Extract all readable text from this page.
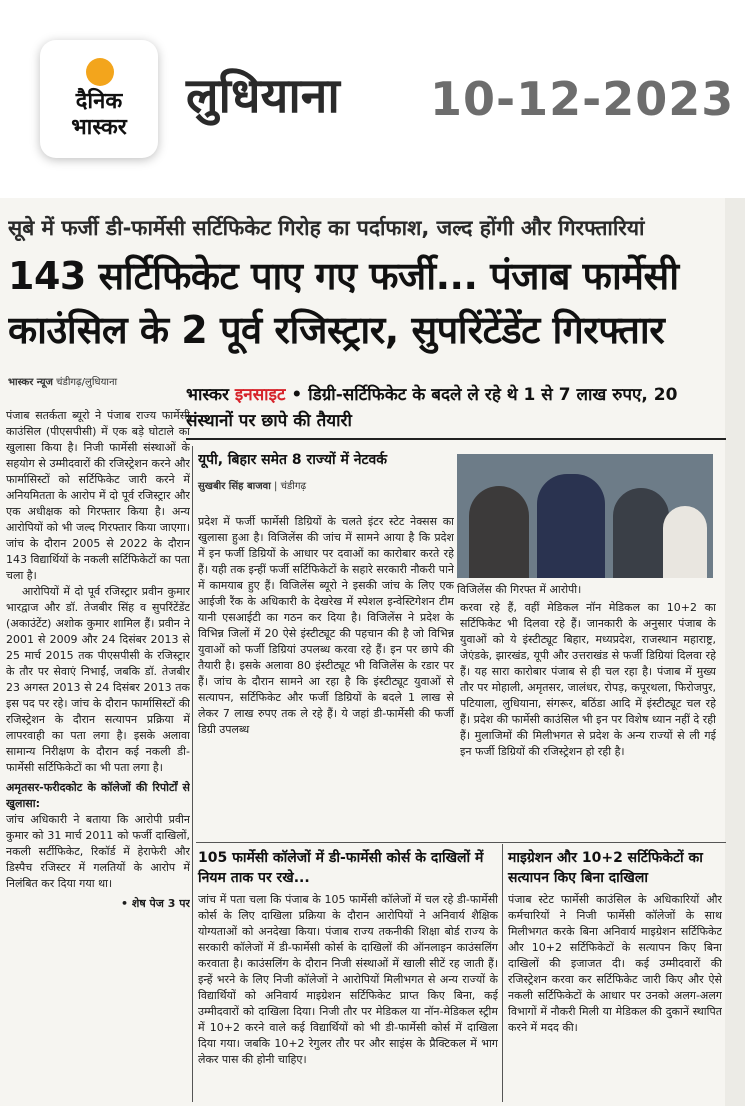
दैनिक
भास्कर
लुधियाना 10-12-2023
सूबे में फर्जी डी-फार्मेसी सर्टिफिकेट गिरोह का पर्दाफाश, जल्द होंगी और गिरफ्तारियां
143 सर्टिफिकेट पाए गए फर्जी... पंजाब फार्मेसी
काउंसिल के 2 पूर्व रजिस्ट्रार, सुपरिंटेंडेंट गिरफ्तार
भास्कर न्यूज चंडीगढ़/लुधियाना
भास्कर इनसाइट • डिग्री-सर्टिफिकेट के बदले ले रहे थे 1 से 7 लाख रुपए, 20 संस्थानों पर छापे की तैयारी

पंजाब सतर्कता ब्यूरो ने पंजाब राज्य फार्मेसी काउंसिल (पीएसपीसी) में एक बड़े घोटाले का खुलासा किया है। निजी फार्मेसी संस्थाओं के सहयोग से उम्मीदवारों की रजिस्ट्रेशन करने और फार्मासिस्टों को सर्टिफिकेट जारी करने में अनियमितता के आरोप में दो पूर्व रजिस्ट्रार और एक अधीक्षक को गिरफ्तार किया है। अन्य आरोपियों को भी जल्द गिरफ्तार किया जाएगा। जांच के दौरान 2005 से 2022 के दौरान 143 विद्यार्थियों के नकली सर्टिफिकेटों का पता चला है।

आरोपियों में दो पूर्व रजिस्ट्रार प्रवीन कुमार भारद्वाज और डॉ. तेजबीर सिंह व सुपरिंटेंडेंट (अकाउंटेंट) अशोक कुमार शामिल हैं। प्रवीन ने 2001 से 2009 और 24 दिसंबर 2013 से 25 मार्च 2015 तक पीएसपीसी के रजिस्ट्रार के तौर पर सेवाएं निभाईं, जबकि डॉ. तेजबीर 23 अगस्त 2013 से 24 दिसंबर 2013 तक इस पद पर रहे। जांच के दौरान फार्मासिस्टों की रजिस्ट्रेशन के दौरान सत्यापन प्रक्रिया में लापरवाही का पता लगा है। इसके अलावा सामान्य निरीक्षण के दौरान कई नकली डी-फार्मेसी सर्टिफिकेटों का भी पता लगा है।

अमृतसर-फरीदकोट के कॉलेजों की रिपोर्टों से खुलासा:

जांच अधिकारी ने बताया कि आरोपी प्रवीन कुमार को 31 मार्च 2011 को फर्जी दाखिलों, नकली सर्टीफिकेट, रिकॉर्ड में हेराफेरी और डिस्पैच रजिस्टर में गलतियों के आरोप में निलंबित कर दिया गया था।

• शेष पेज 3 पर

यूपी, बिहार समेत 8 राज्यों में नेटवर्क
सुखबीर सिंह बाजवा | चंडीगढ़
विजिलेंस की गिरफ्त में आरोपी।
प्रदेश में फर्जी फार्मेसी डिग्रियों के चलते इंटर स्टेट नेक्सस का खुलासा हुआ है। विजिलेंस की जांच में सामने आया है कि प्रदेश में इन फर्जी डिग्रियों के आधार पर दवाओं का कारोबार करते रहे हैं। यही तक इन्हीं फर्जी सर्टिफिकेटों के सहारे सरकारी नौकरी पाने में कामयाब हुए हैं। विजिलेंस ब्यूरो ने इसकी जांच के लिए एक आईजी रैंक के अधिकारी के देखरेख में स्पेशल इन्वेस्टिगेशन टीम यानी एसआईटी का गठन कर दिया है। विजिलेंस ने प्रदेश के विभिन्न जिलों में 20 ऐसे इंस्टीट्यूट की पहचान की है जो विभिन्न युवाओं को फर्जी डिग्रियां उपलब्ध करवा रहे हैं। इन पर छापे की तैयारी है। इसके अलावा 80 इंस्टीट्यूट भी विजिलेंस के रडार पर हैं। जांच के दौरान सामने आ रहा है कि इंस्टीट्यूट युवाओं से सत्यापन, सर्टिफिकेट और फर्जी डिग्रियों के बदले 1 लाख से लेकर 7 लाख रुपए तक ले रहे हैं। ये जहां डी-फार्मेसी की फर्जी डिग्री उपलब्ध
करवा रहे हैं, वहीं मेडिकल नॉन मेडिकल का 10+2 का सर्टिफिकेट भी दिलवा रहे हैं। जानकारी के अनुसार पंजाब के युवाओं को ये इंस्टीट्यूट बिहार, मध्यप्रदेश, राजस्थान महाराष्ट्र, जेएंडके, झारखंड, यूपी और उत्तराखंड से फर्जी डिग्रियां दिलवा रहे हैं। यह सारा कारोबार पंजाब से ही चल रहा है। पंजाब में मुख्य तौर पर मोहाली, अमृतसर, जालंधर, रोपड़, कपूरथला, फिरोजपुर, पटियाला, लुधियाना, संगरूर, बठिंडा आदि में इंस्टीट्यूट चल रहे हैं। प्रदेश की फार्मेसी काउंसिल भी इन पर विशेष ध्यान नहीं दे रही हैं। मुलाजिमों की मिलीभगत से प्रदेश के अन्य राज्यों से ली गई इन फर्जी डिग्रियों की रजिस्ट्रेशन हो रही है।
105 फार्मेसी कॉलेजों में डी-फार्मेसी कोर्स के दाखिलों में नियम ताक पर रखे...
जांच में पता चला कि पंजाब के 105 फार्मेसी कॉलेजों में चल रहे डी-फार्मेसी कोर्स के लिए दाखिला प्रक्रिया के दौरान आरोपियों ने अनिवार्य शैक्षिक योग्यताओं को अनदेखा किया। पंजाब राज्य तकनीकी शिक्षा बोर्ड राज्य के सरकारी कॉलेजों में डी-फार्मेसी कोर्स के दाखिलों की ऑनलाइन काउंसलिंग करवाता है। काउंसलिंग के दौरान निजी संस्थाओं में खाली सीटें रह जाती हैं। इन्हें भरने के लिए निजी कॉलेजों ने आरोपियों मिलीभगत से अन्य राज्यों के विद्यार्थियों को अनिवार्य माइग्रेशन सर्टिफिकेट प्राप्त किए बिना, कई उम्मीदवारों को दाखिला दिया। निजी तौर पर मेडिकल या नॉन-मेडिकल स्ट्रीम में 10+2 करने वाले कई विद्यार्थियों को भी डी-फार्मेसी कोर्स में दाखिला दिया गया। जबकि 10+2 रेगुलर तौर पर और साइंस के प्रैक्टिकल में भाग लेकर पास की होनी चाहिए।
माइग्रेशन और 10+2 सर्टिफिकेटों का सत्यापन किए बिना दाखिला
पंजाब स्टेट फार्मेसी काउंसिल के अधिकारियों और कर्मचारियों ने निजी फार्मेसी कॉलेजों के साथ मिलीभगत करके बिना अनिवार्य माइग्रेशन सर्टिफिकेट और 10+2 सर्टिफिकेटों के सत्यापन किए बिना दाखिलों की इजाजत दी। कई उम्मीदवारों की रजिस्ट्रेशन करवा कर सर्टिफिकेट जारी किए और ऐसे नकली सर्टिफिकेटों के आधार पर उनको अलग-अलग विभागों में नौकरी मिली या मेडिकल की दुकानें स्थापित करने में मदद की।
